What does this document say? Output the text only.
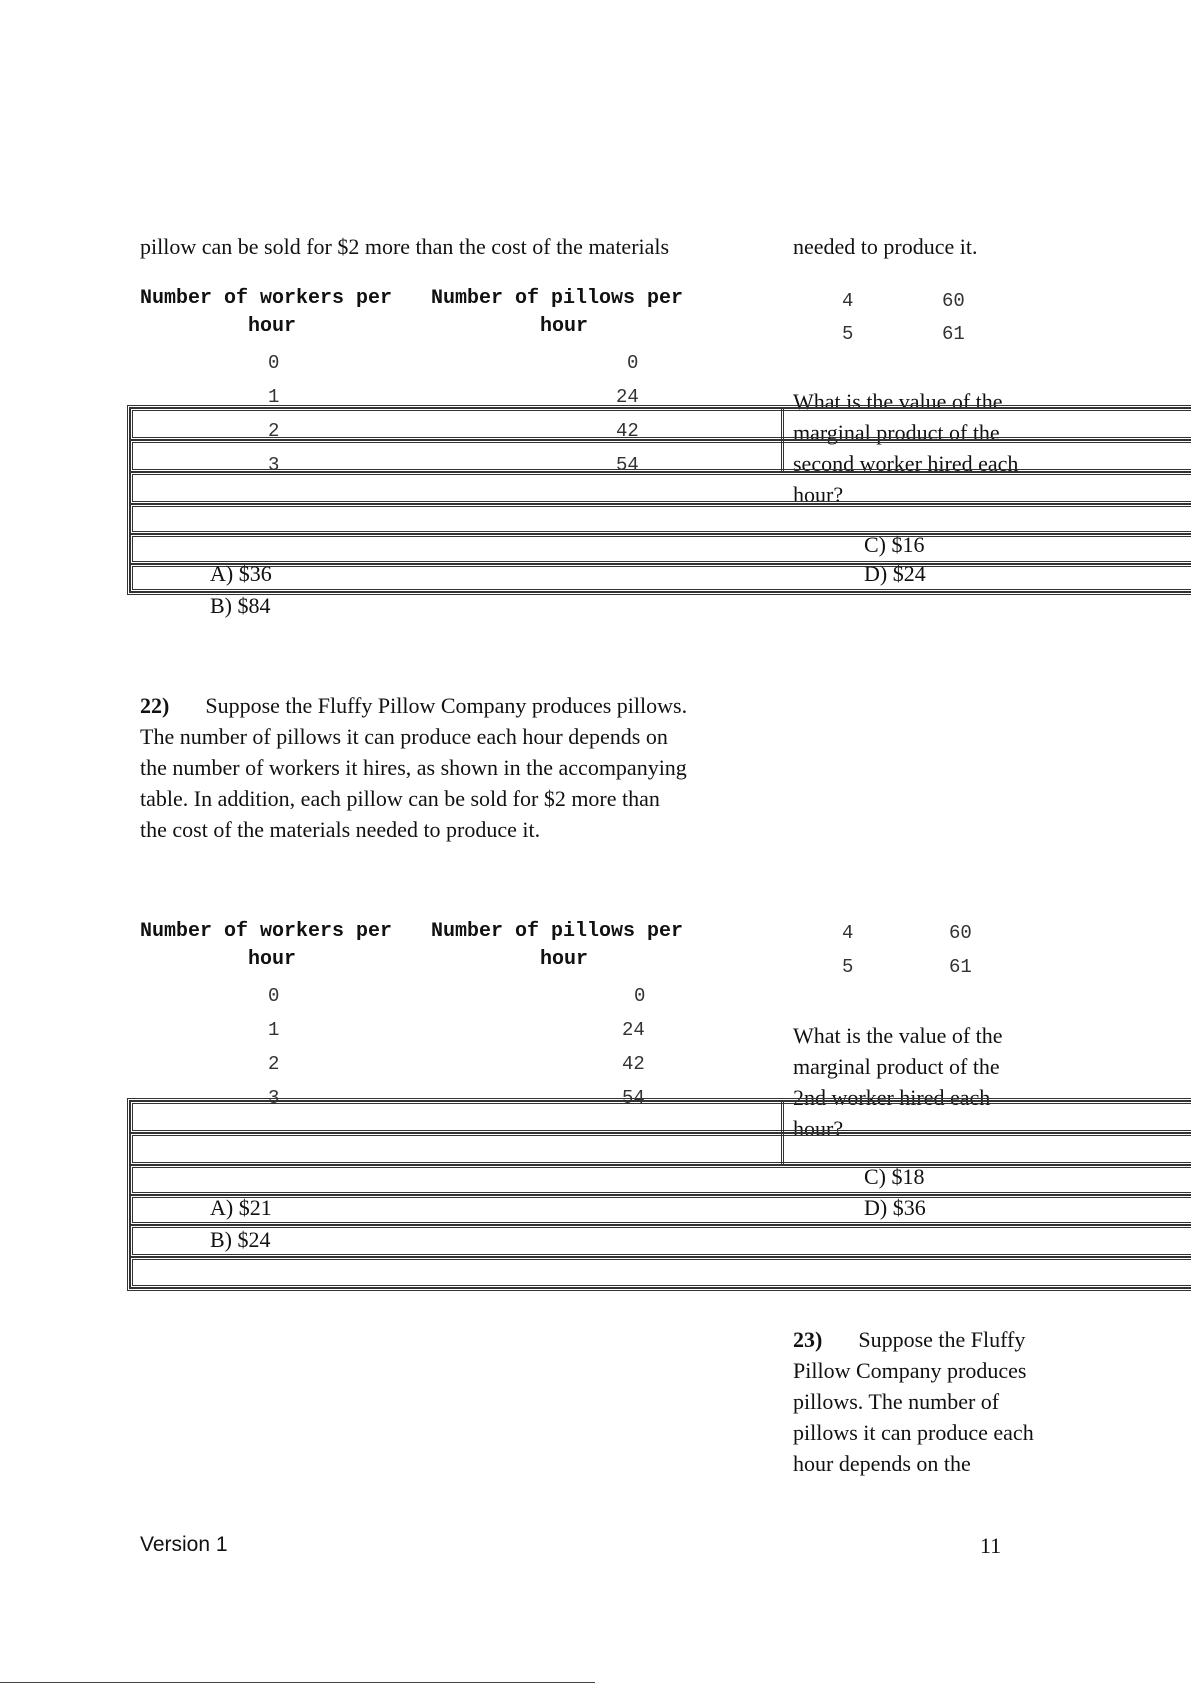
pillow can be sold for $2 more than the cost of the materials	needed to produce it.
Number of workers per
hour
Number of pillows per
hour
0	0
1	24
2	42
3	54
4	60
5	61
What is the value of the
marginal product of the
second worker hired each
hour?
C) $16
A) $36	D) $24
B) $84
22) Suppose the Fluffy Pillow Company produces pillows.
The number of pillows it can produce each hour depends on
the number of workers it hires, as shown in the accompanying
table. In addition, each pillow can be sold for $2 more than
the cost of the materials needed to produce it.
Number of workers per
hour
Number of pillows per
hour
0	0
1	24
2	42
3	54
4	60
5	61
What is the value of the
marginal product of the
2nd worker hired each
hour?
C) $18
A) $21	D) $36
B) $24
23) Suppose the Fluffy
Pillow Company produces
pillows. The number of
pillows it can produce each
hour depends on the
Version 1	11
